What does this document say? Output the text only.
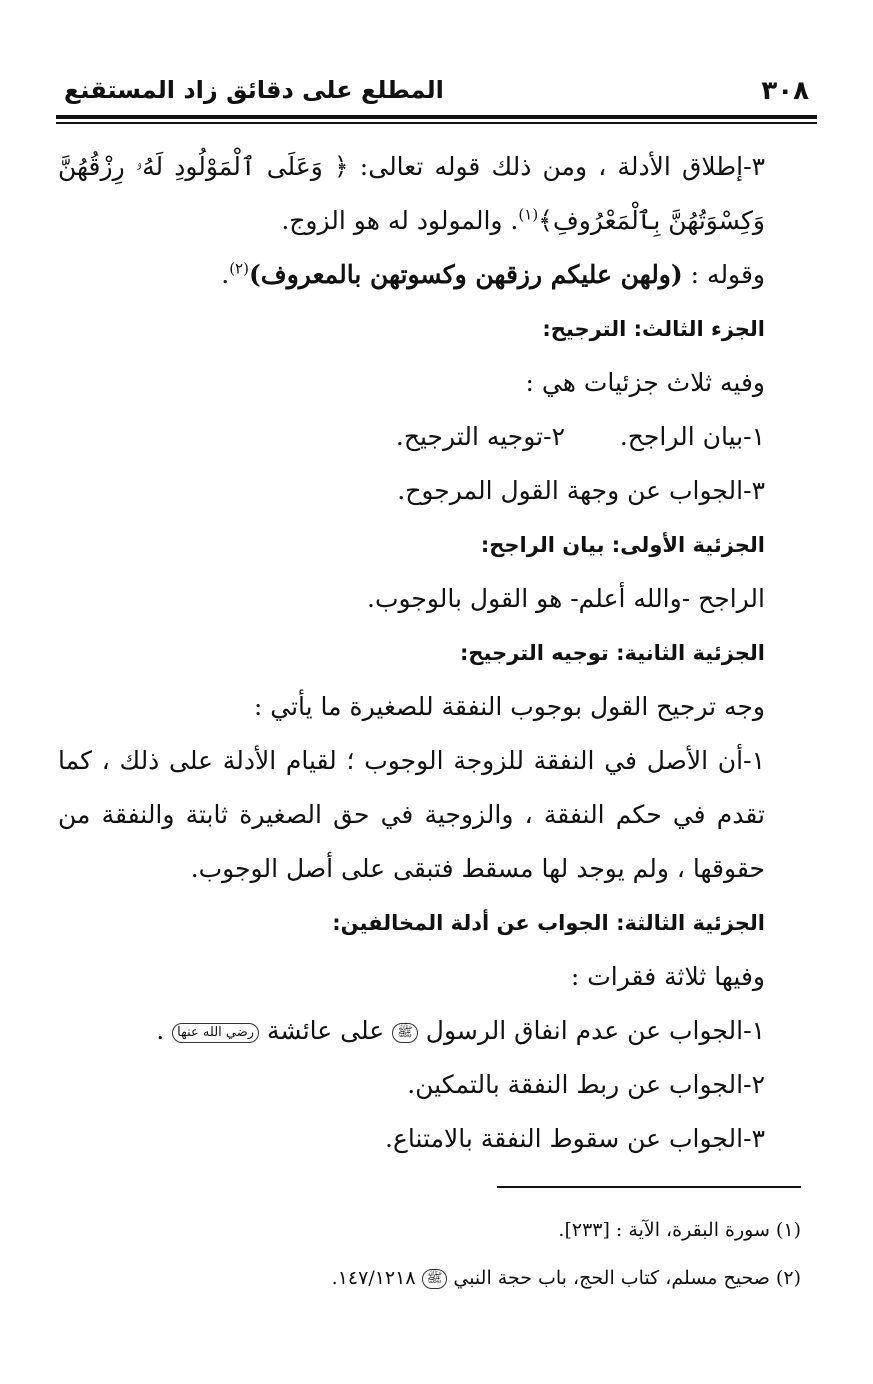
٣٠٨
المطلع على دقائق زاد المستقنع

٣-إطلاق الأدلة ، ومن ذلك قوله تعالى: ﴿ وَعَلَى ٱلْمَوْلُودِ لَهُۥ رِزْقُهُنَّ وَكِسْوَتُهُنَّ بِٱلْمَعْرُوفِ﴾$^{(١)}$. والمولود له هو الزوج.

وقوله : (ولهن عليكم رزقهن وكسوتهن بالمعروف)$^{(٢)}$.

الجزء الثالث: الترجيح:

وفيه ثلاث جزئيات هي :

١-بيان الراجح.
٢-توجيه الترجيح.

٣-الجواب عن وجهة القول المرجوح.

الجزئية الأولى: بيان الراجح:

الراجح -والله أعلم- هو القول بالوجوب.

الجزئية الثانية: توجيه الترجيح:

وجه ترجيح القول بوجوب النفقة للصغيرة ما يأتي :

١-أن الأصل في النفقة للزوجة الوجوب ؛ لقيام الأدلة على ذلك ، كما تقدم في حكم النفقة ، والزوجية في حق الصغيرة ثابتة والنفقة من حقوقها ، ولم يوجد لها مسقط فتبقى على أصل الوجوب.

الجزئية الثالثة: الجواب عن أدلة المخالفين:

وفيها ثلاثة فقرات :

١-الجواب عن عدم انفاق الرسول ﷺ على عائشة رضي الله عنها .

٢-الجواب عن ربط النفقة بالتمكين.

٣-الجواب عن سقوط النفقة بالامتناع.

(١) سورة البقرة، الآية : [٢٣٣].

(٢) صحيح مسلم، كتاب الحج، باب حجة النبي ﷺ ١٤٧/١٢١٨.
